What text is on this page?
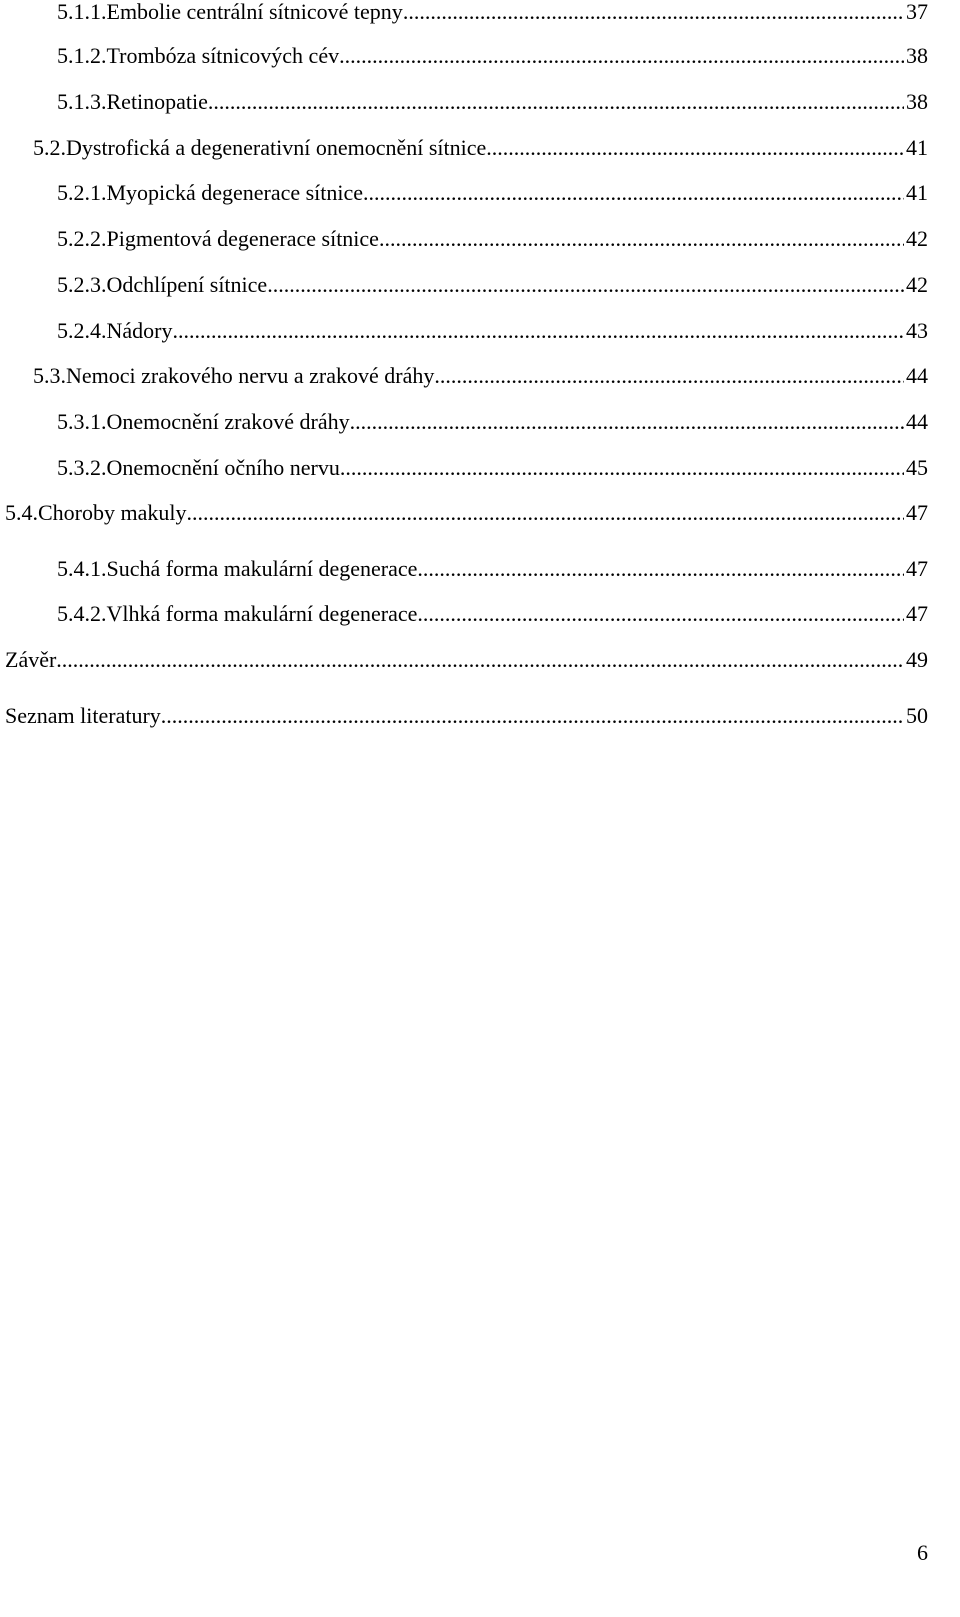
5.1.1. Embolie centrální sítnicové tepny .....	37
5.1.2. Trombóza sítnicových cév .....	38
5.1.3. Retinopatie .....	38
5.2. Dystrofická a degenerativní onemocnění sítnice .....	41
5.2.1. Myopická degenerace sítnice .....	41
5.2.2. Pigmentová degenerace sítnice .....	42
5.2.3. Odchlípení sítnice .....	42
5.2.4. Nádory .....	43
5.3. Nemoci zrakového nervu a zrakové dráhy .....	44
5.3.1. Onemocnění zrakové dráhy .....	44
5.3.2. Onemocnění očního nervu .....	45
5.4. Choroby makuly .....	47
5.4.1. Suchá forma makulární degenerace .....	47
5.4.2. Vlhká forma makulární degenerace .....	47
Závěr .....	49
Seznam literatury .....	50
6
